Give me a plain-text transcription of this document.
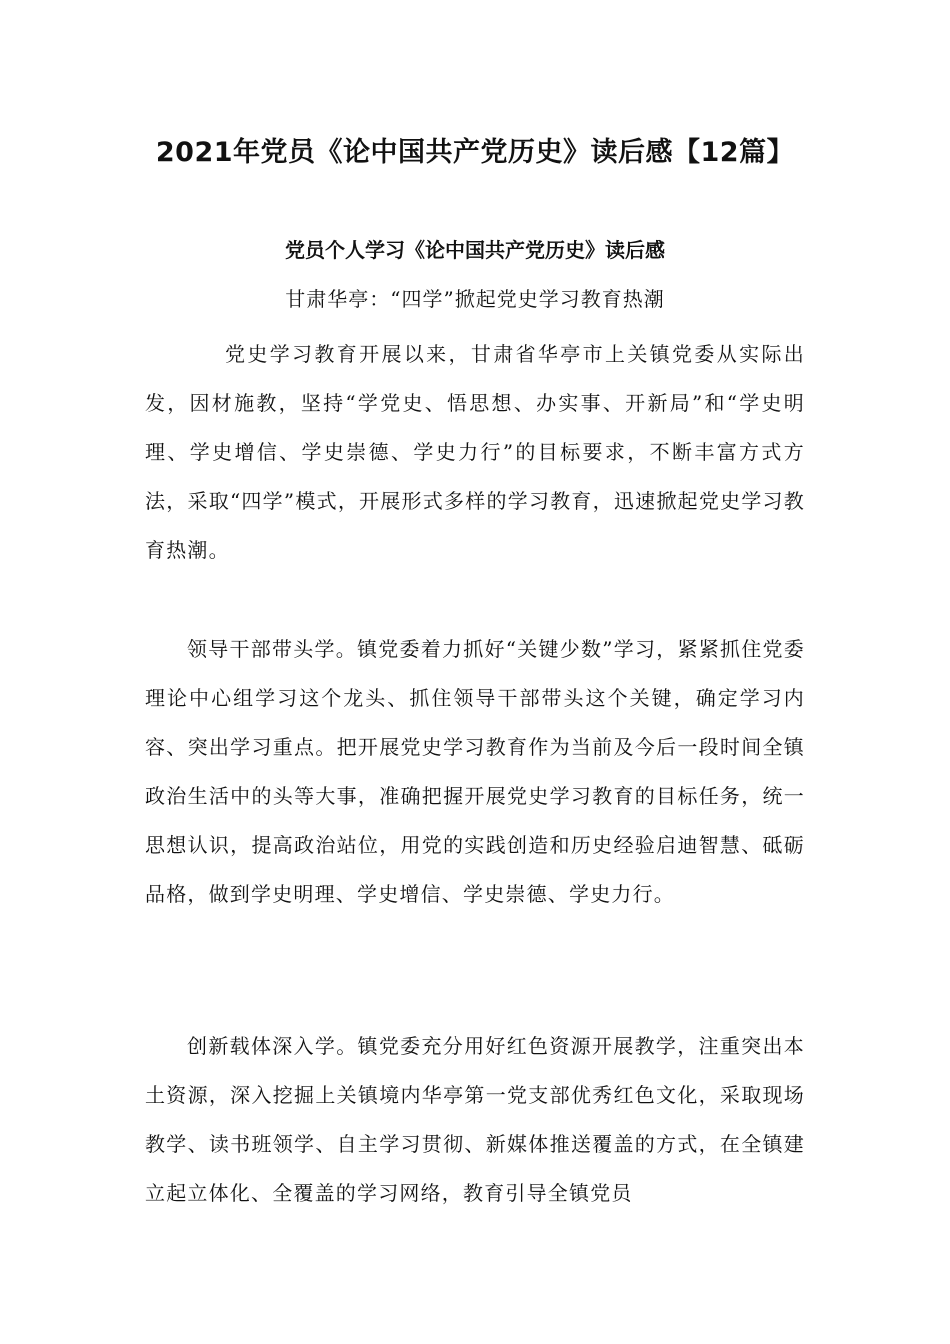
2021年党员《论中国共产党历史》读后感【12篇】
党员个人学习《论中国共产党历史》读后感

甘肃华亭：“四学”掀起党史学习教育热潮

党史学习教育开展以来，甘肃省华亭市上关镇党委从实际出发，因材施教，坚持“学党史、悟思想、办实事、开新局”和“学史明理、学史增信、学史崇德、学史力行”的目标要求，不断丰富方式方法，采取“四学”模式，开展形式多样的学习教育，迅速掀起党史学习教育热潮。

领导干部带头学。镇党委着力抓好“关键少数”学习，紧紧抓住党委理论中心组学习这个龙头、抓住领导干部带头这个关键，确定学习内容、突出学习重点。把开展党史学习教育作为当前及今后一段时间全镇政治生活中的头等大事，准确把握开展党史学习教育的目标任务，统一思想认识，提高政治站位，用党的实践创造和历史经验启迪智慧、砥砺品格，做到学史明理、学史增信、学史崇德、学史力行。

创新载体深入学。镇党委充分用好红色资源开展教学，注重突出本土资源，深入挖掘上关镇境内华亭第一党支部优秀红色文化，采取现场教学、读书班领学、自主学习贯彻、新媒体推送覆盖的方式，在全镇建立起立体化、全覆盖的学习网络，教育引导全镇党员
